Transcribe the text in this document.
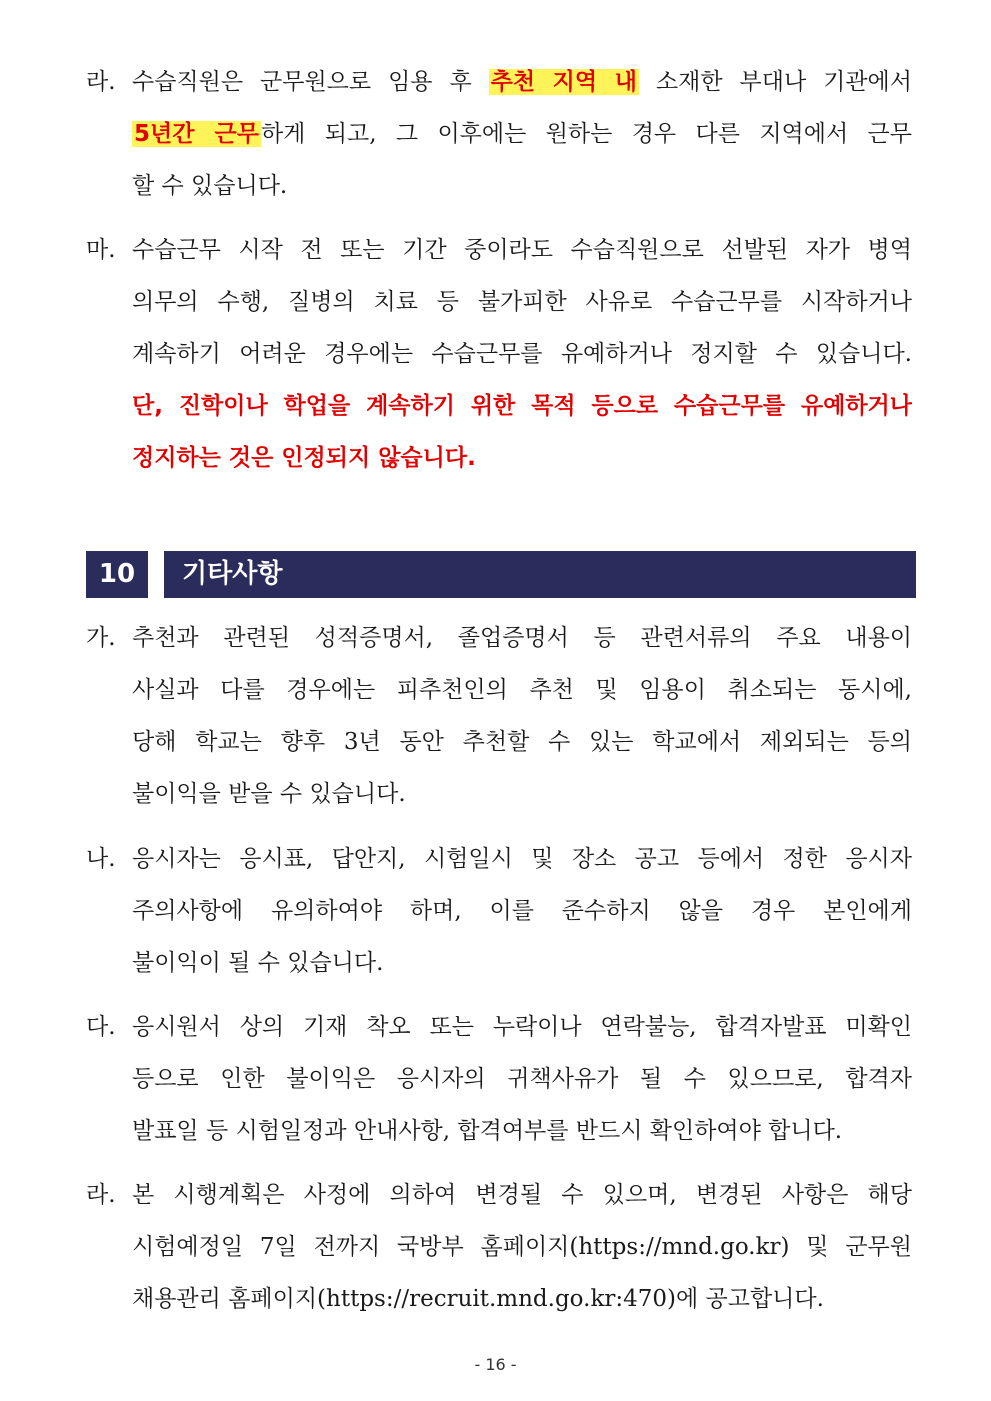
라. 수습직원은 군무원으로 임용 후 추천 지역 내 소재한 부대나 기관에서
5년간 근무하게 되고, 그 이후에는 원하는 경우 다른 지역에서 근무
할 수 있습니다.
마. 수습근무 시작 전 또는 기간 중이라도 수습직원으로 선발된 자가 병역
의무의 수행, 질병의 치료 등 불가피한 사유로 수습근무를 시작하거나
계속하기 어려운 경우에는 수습근무를 유예하거나 정지할 수 있습니다.
단, 진학이나 학업을 계속하기 위한 목적 등으로 수습근무를 유예하거나
정지하는 것은 인정되지 않습니다.
10	기타사항
가. 추천과 관련된 성적증명서, 졸업증명서 등 관련서류의 주요 내용이
사실과 다를 경우에는 피추천인의 추천 및 임용이 취소되는 동시에,
당해 학교는 향후 3년 동안 추천할 수 있는 학교에서 제외되는 등의
불이익을 받을 수 있습니다.
나. 응시자는 응시표, 답안지, 시험일시 및 장소 공고 등에서 정한 응시자
주의사항에 유의하여야 하며, 이를 준수하지 않을 경우 본인에게
불이익이 될 수 있습니다.
다. 응시원서 상의 기재 착오 또는 누락이나 연락불능, 합격자발표 미확인
등으로 인한 불이익은 응시자의 귀책사유가 될 수 있으므로, 합격자
발표일 등 시험일정과 안내사항, 합격여부를 반드시 확인하여야 합니다.
라. 본 시행계획은 사정에 의하여 변경될 수 있으며, 변경된 사항은 해당
시험예정일 7일 전까지 국방부 홈페이지(https://mnd.go.kr) 및 군무원
채용관리 홈페이지(https://recruit.mnd.go.kr:470)에 공고합니다.
- 16 -
